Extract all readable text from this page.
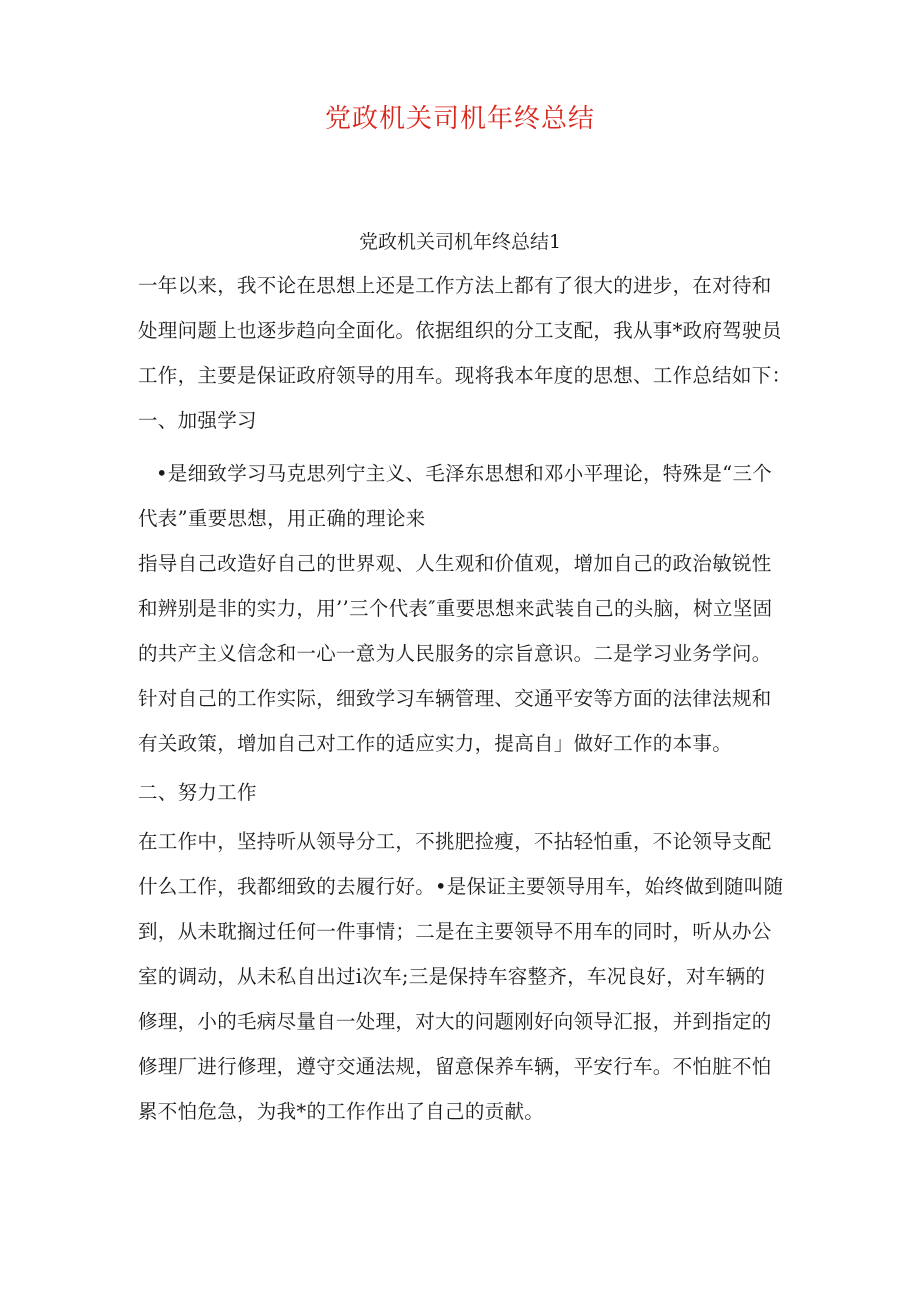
党政机关司机年终总结
党政机关司机年终总结1
一年以来，我不论在思想上还是工作方法上都有了很大的进步，在对待和
处理问题上也逐步趋向全面化。依据组织的分工支配，我从事*政府驾驶员
工作，主要是保证政府领导的用车。现将我本年度的思想、工作总结如下：
一、加强学习
•是细致学习马克思列宁主义、毛泽东思想和邓小平理论，特殊是“三个
代表”重要思想，用正确的理论来
指导自己改造好自己的世界观、人生观和价值观，增加自己的政治敏锐性
和辨别是非的实力，用’’三个代表″重要思想来武装自己的头脑，树立坚固
的共产主义信念和一心一意为人民服务的宗旨意识。二是学习业务学问。
针对自己的工作实际，细致学习车辆管理、交通平安等方面的法律法规和
有关政策，增加自己对工作的适应实力，提高自」做好工作的本事。
二、努力工作
在工作中，坚持听从领导分工，不挑肥捡瘦，不拈轻怕重，不论领导支配
什么工作，我都细致的去履行好。•是保证主要领导用车，始终做到随叫随
到，从未耽搁过任何一件事情；二是在主要领导不用车的同时，听从办公
室的调动，从未私自出过i次车;三是保持车容整齐，车况良好，对车辆的
修理，小的毛病尽量自一处理，对大的问题刚好向领导汇报，并到指定的
修理厂进行修理，遵守交通法规，留意保养车辆，平安行车。不怕脏不怕
累不怕危急，为我*的工作作出了自己的贡献。
